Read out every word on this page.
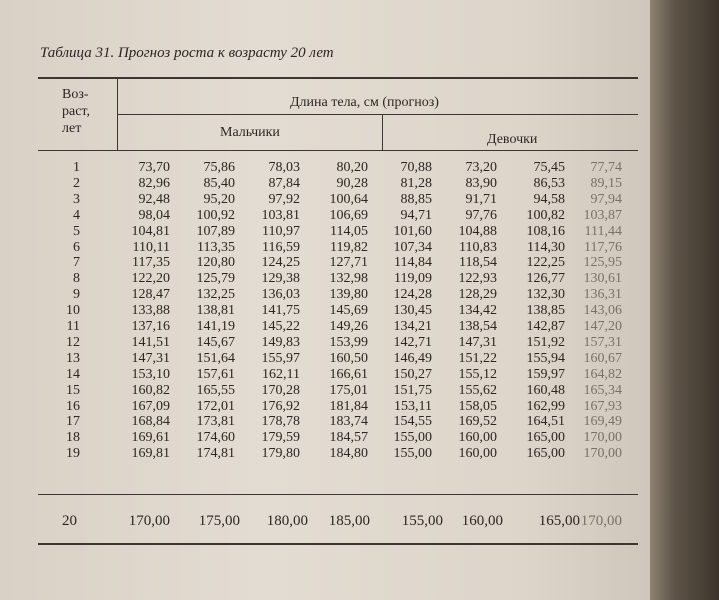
Таблица 31. Прогноз роста к возрасту 20 лет
Воз-
раст,
лет
Длина тела, см (прогноз)
Мальчики	Девочки
1	73,70	75,86	78,03	80,20	70,88	73,20	75,45	77,74
2	82,96	85,40	87,84	90,28	81,28	83,90	86,53	89,15
3	92,48	95,20	97,92	100,64	88,85	91,71	94,58	97,94
4	98,04	100,92	103,81	106,69	94,71	97,76	100,82	103,87
5	104,81	107,89	110,97	114,05	101,60	104,88	108,16	111,44
6	110,11	113,35	116,59	119,82	107,34	110,83	114,30	117,76
7	117,35	120,80	124,25	127,71	114,84	118,54	122,25	125,95
8	122,20	125,79	129,38	132,98	119,09	122,93	126,77	130,61
9	128,47	132,25	136,03	139,80	124,28	128,29	132,30	136,31
10	133,88	138,81	141,75	145,69	130,45	134,42	138,85	143,06
11	137,16	141,19	145,22	149,26	134,21	138,54	142,87	147,20
12	141,51	145,67	149,83	153,99	142,71	147,31	151,92	157,31
13	147,31	151,64	155,97	160,50	146,49	151,22	155,94	160,67
14	153,10	157,61	162,11	166,61	150,27	155,12	159,97	164,82
15	160,82	165,55	170,28	175,01	151,75	155,62	160,48	165,34
16	167,09	172,01	176,92	181,84	153,11	158,05	162,99	167,93
17	168,84	173,81	178,78	183,74	154,55	169,52	164,51	169,49
18	169,61	174,60	179,59	184,57	155,00	160,00	165,00	170,00
19	169,81	174,81	179,80	184,80	155,00	160,00	165,00	170,00
20	170,00	175,00	180,00	185,00	155,00	160,00	165,00 170,00
